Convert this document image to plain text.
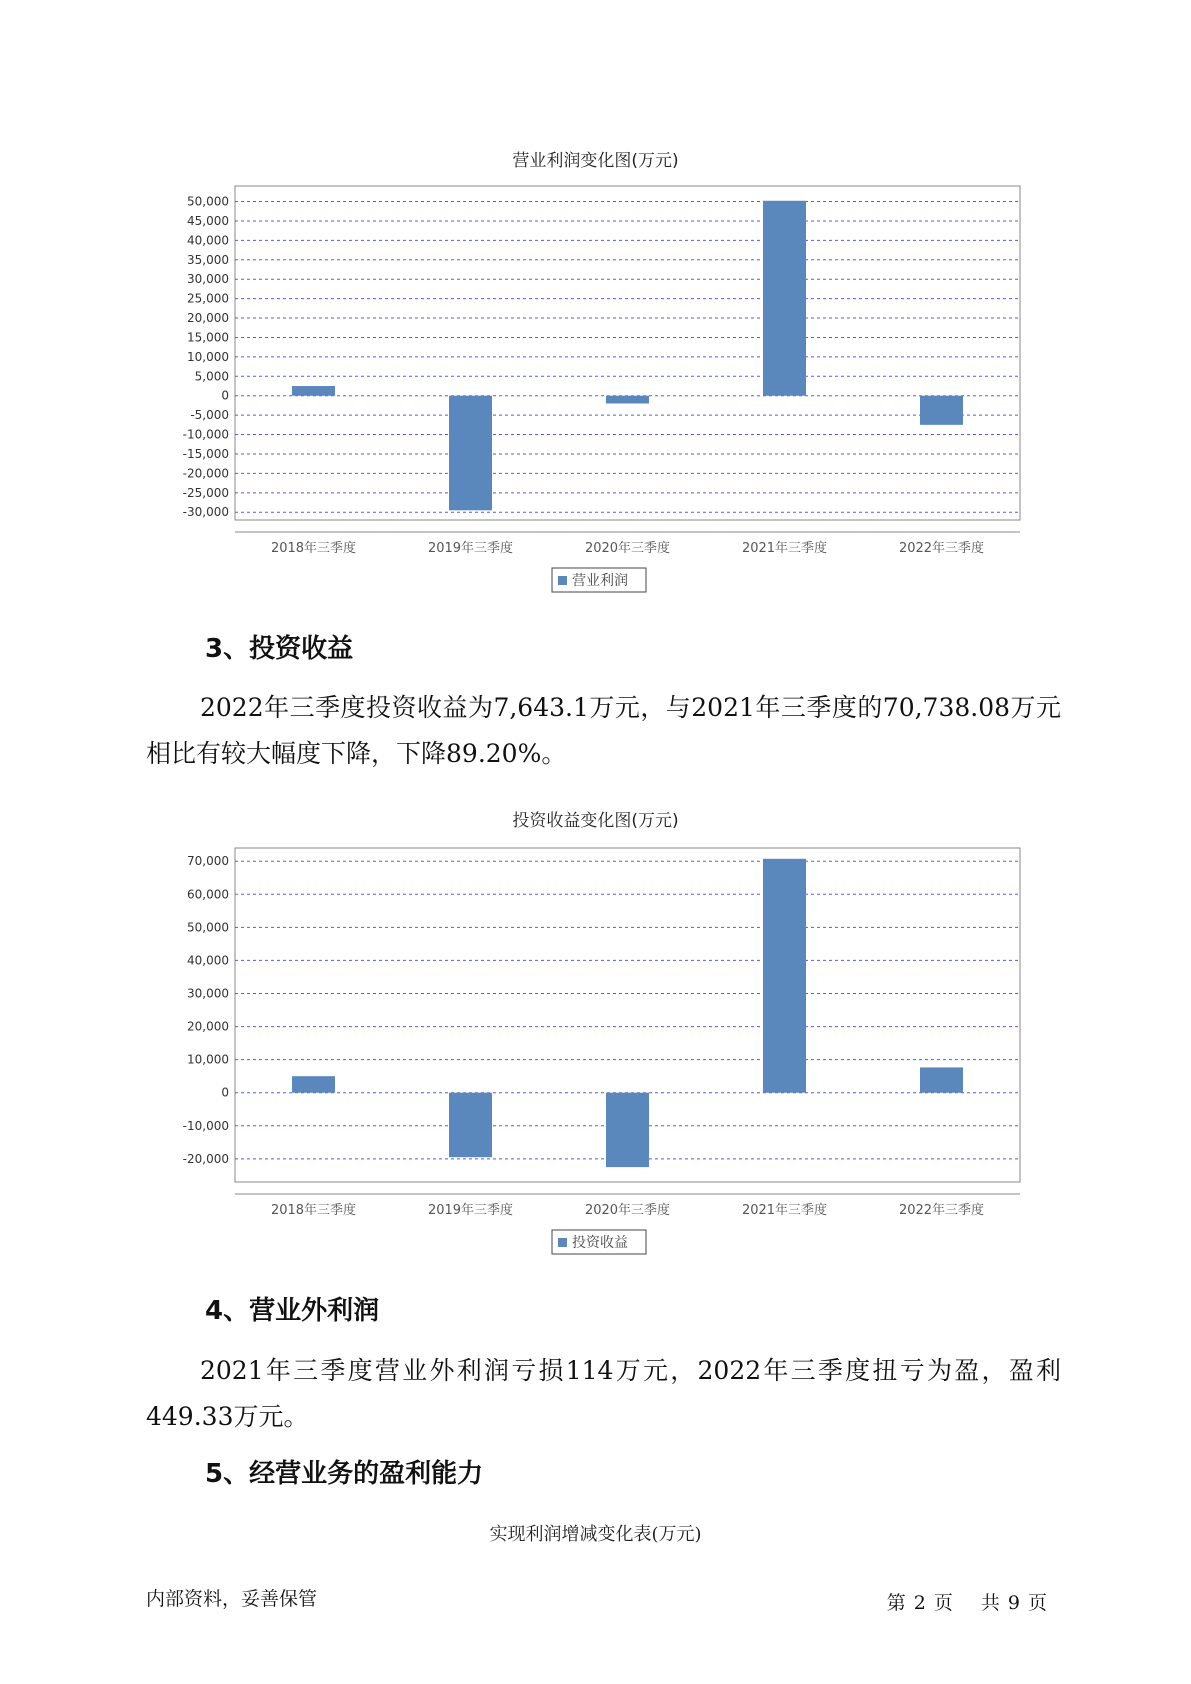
营业利润变化图(万元)
50,000
45,000
40,000
35,000
30,000
25,000
20,000
15,000
10,000
5,000
0
-5,000
-10,000
-15,000
-20,000
-25,000
-30,000
2018年三季度	2019年三季度	2020年三季度	2021年三季度	2022年三季度
营业利润
3、投资收益

2022年三季度投资收益为7,643.1万元，与2021年三季度的70,738.08万元相比有较大幅度下降，下降89.20%。

投资收益变化图(万元)
70,000
60,000
50,000
40,000
30,000
20,000
10,000
0
-10,000
-20,000
2018年三季度	2019年三季度	2020年三季度	2021年三季度	2022年三季度
投资收益
4、营业外利润

2021年三季度营业外利润亏损114万元，2022年三季度扭亏为盈，盈利449.33万元。

5、经营业务的盈利能力
实现利润增减变化表(万元)
内部资料，妥善保管	第 2 页 共 9 页
